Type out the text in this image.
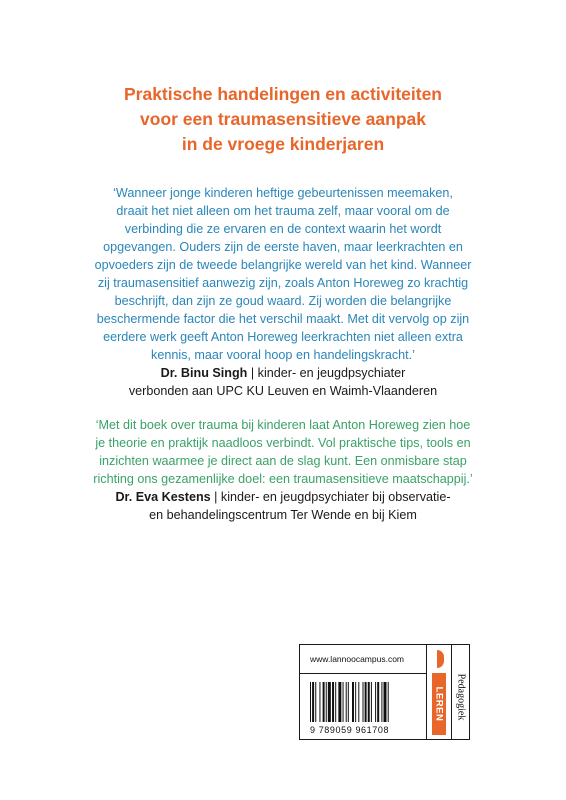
Praktische handelingen en activiteiten
voor een traumasensitieve aanpak
in de vroege kinderjaren
‘Wanneer jonge kinderen heftige gebeurtenissen meemaken,
draait het niet alleen om het trauma zelf, maar vooral om de
verbinding die ze ervaren en de context waarin het wordt
opgevangen. Ouders zijn de eerste haven, maar leerkrachten en
opvoeders zijn de tweede belangrijke wereld van het kind. Wanneer
zij traumasensitief aanwezig zijn, zoals Anton Horeweg zo krachtig
beschrijft, dan zijn ze goud waard. Zij worden die belangrijke
beschermende factor die het verschil maakt. Met dit vervolg op zijn
eerdere werk geeft Anton Horeweg leerkrachten niet alleen extra
kennis, maar vooral hoop en handelingskracht.’
Dr. Binu Singh | kinder- en jeugdpsychiater
verbonden aan UPC KU Leuven en Waimh-Vlaanderen
‘Met dit boek over trauma bij kinderen laat Anton Horeweg zien hoe
je theorie en praktijk naadloos verbindt. Vol praktische tips, tools en
inzichten waarmee je direct aan de slag kunt. Een onmisbare stap
richting ons gezamenlijke doel: een traumasensitieve maatschappij.’
Dr. Eva Kestens | kinder- en jeugdpsychiater bij observatie-
en behandelingscentrum Ter Wende en bij Kiem
www.lannoocampus.com
9 789059 961708
LEREN Pedagogiek
